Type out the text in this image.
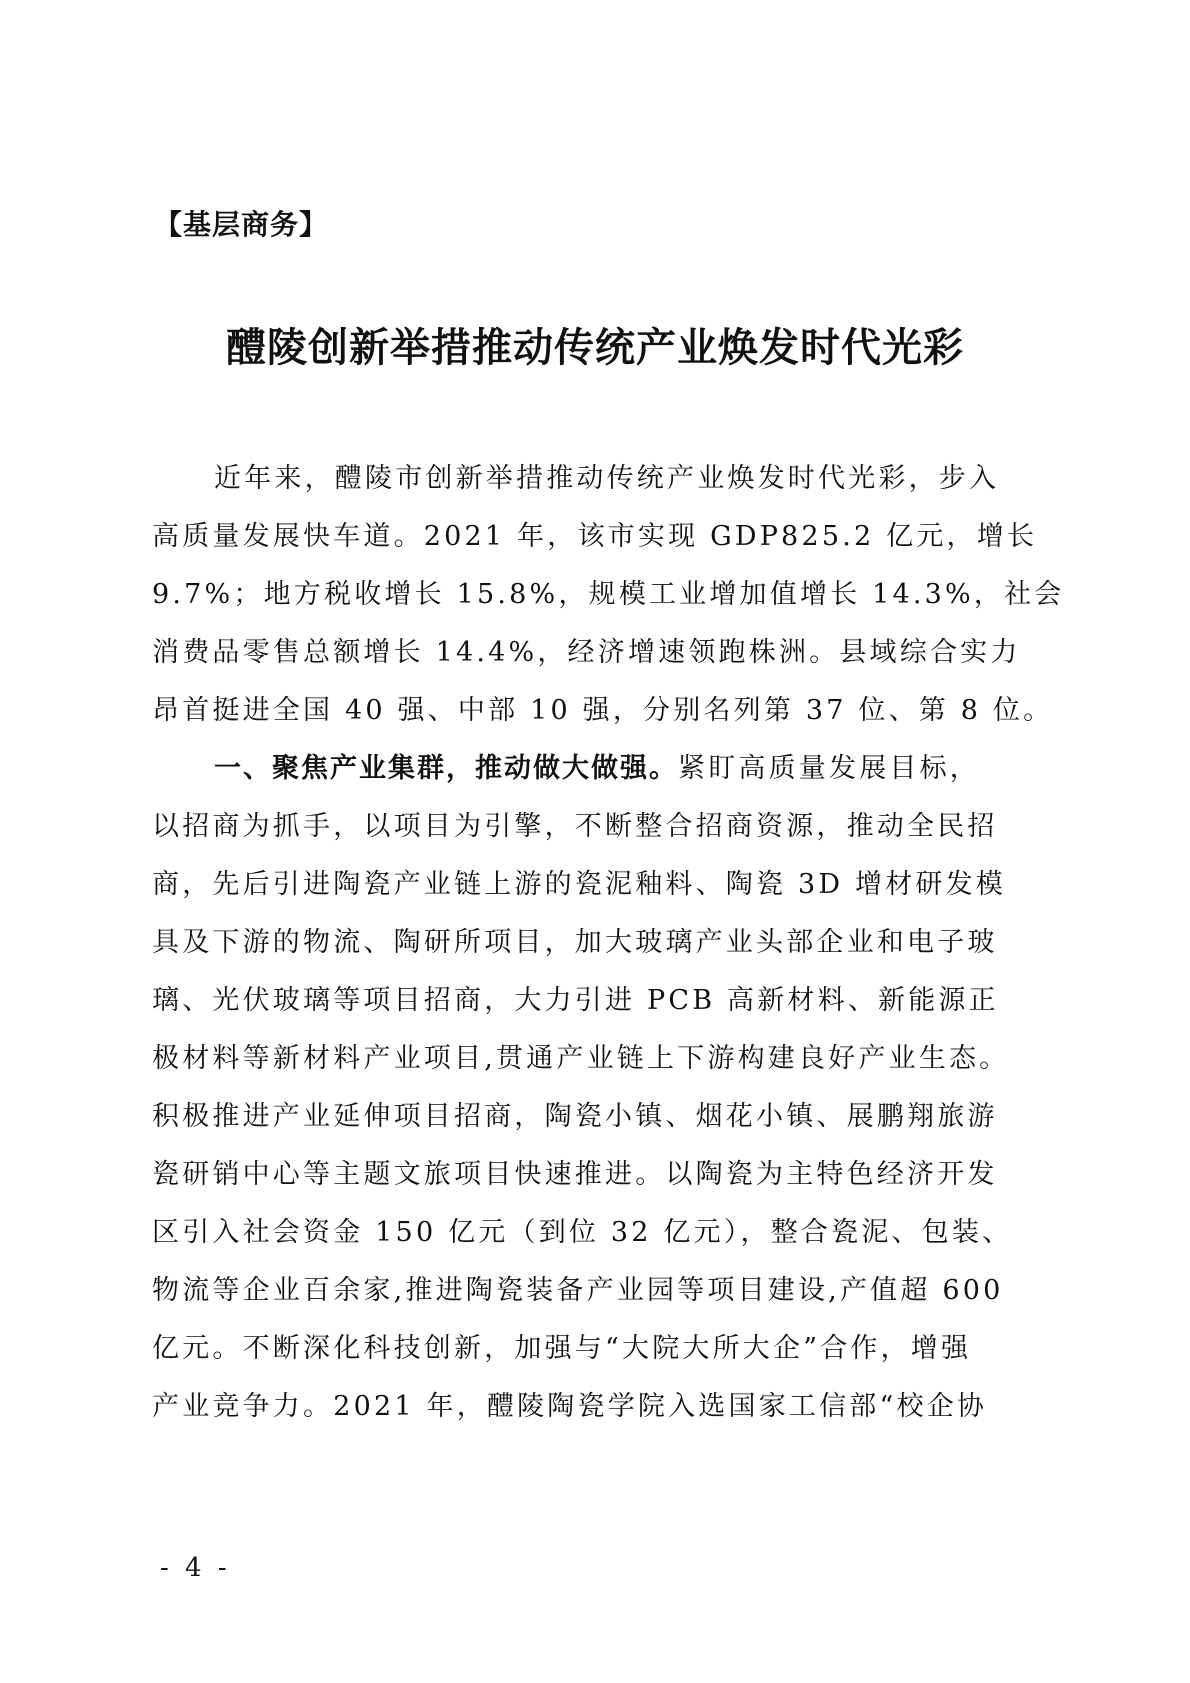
【基层商务】
醴陵创新举措推动传统产业焕发时代光彩
近年来，醴陵市创新举措推动传统产业焕发时代光彩，步入
高质量发展快车道。2021 年，该市实现 GDP825.2 亿元，增长
9.7%；地方税收增长 15.8%，规模工业增加值增长 14.3%，社会
消费品零售总额增长 14.4%，经济增速领跑株洲。县域综合实力
昂首挺进全国 40 强、中部 10 强，分别名列第 37 位、第 8 位。
一、聚焦产业集群，推动做大做强。紧盯高质量发展目标，
以招商为抓手，以项目为引擎，不断整合招商资源，推动全民招
商，先后引进陶瓷产业链上游的瓷泥釉料、陶瓷 3D 增材研发模
具及下游的物流、陶研所项目，加大玻璃产业头部企业和电子玻
璃、光伏玻璃等项目招商，大力引进 PCB 高新材料、新能源正
极材料等新材料产业项目,贯通产业链上下游构建良好产业生态。
积极推进产业延伸项目招商，陶瓷小镇、烟花小镇、展鹏翔旅游
瓷研销中心等主题文旅项目快速推进。以陶瓷为主特色经济开发
区引入社会资金 150 亿元（到位 32 亿元），整合瓷泥、包装、
物流等企业百余家,推进陶瓷装备产业园等项目建设,产值超 600
亿元。不断深化科技创新，加强与“大院大所大企”合作，增强
产业竞争力。2021 年，醴陵陶瓷学院入选国家工信部“校企协
- 4 -
